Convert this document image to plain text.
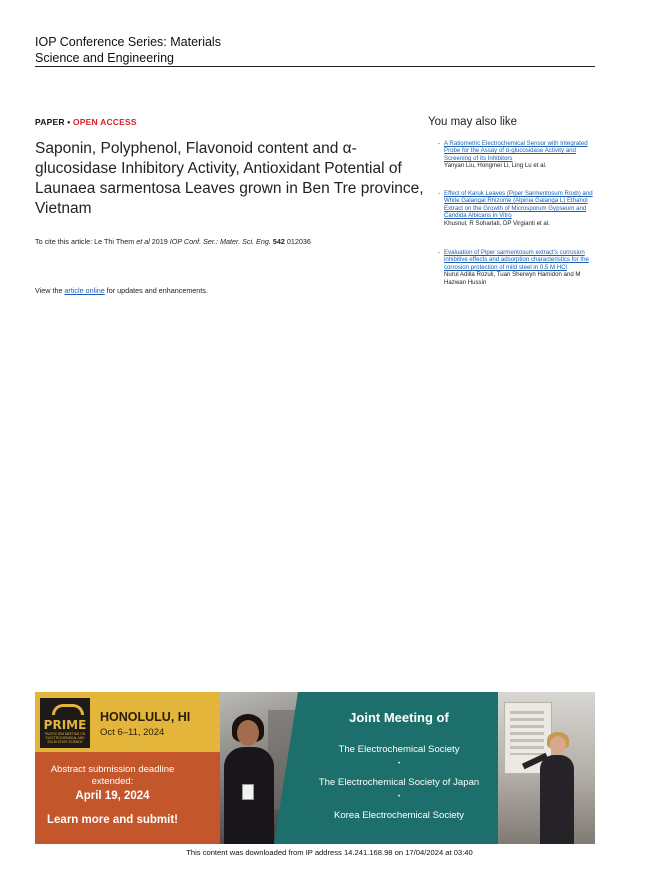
IOP Conference Series: Materials
Science and Engineering
PAPER • OPEN ACCESS
Saponin, Polyphenol, Flavonoid content and α-glucosidase Inhibitory Activity, Antioxidant Potential of Launaea sarmentosa Leaves grown in Ben Tre province, Vietnam
To cite this article: Le Thi Them et al 2019 IOP Conf. Ser.: Mater. Sci. Eng. 542 012036
View the article online for updates and enhancements.
You may also like
- A Ratiometric Electrochemical Sensor with Integrated Probe for the Assay of α-glucosidase Activity and Screening of its Inhibitors
Yanyan Liu, Hongmei Li, Ling Lu et al.
- Effect of Karuk Leaves (Piper Sarmentosum Roxb) and White Galangal Rhizome (Alpinia Galanga L) Ethanol Extract on the Growth of Microsporum Gypseum and Candida Albicans in Vitro
Khusnul, R Soharlati, DP Virgianti et al.
- Evaluation of Piper sarmentosum extract's corrosion inhibitive effects and adsorption characteristics for the corrosion protection of mild steel in 0.5 M HCl
Nurul Adilla Rozuli, Tuan Sherwyn Hamidon and M Hazwan Hussin
PRIME
PACIFIC RIM MEETING ON ELECTROCHEMICAL AND SOLID STATE SCIENCE
HONOLULU, HI
Oct 6–11, 2024
Abstract submission deadline extended:
April 19, 2024
Learn more and submit!
Joint Meeting of
The Electrochemical Society
•
The Electrochemical Society of Japan
•
Korea Electrochemical Society
This content was downloaded from IP address 14.241.168.98 on 17/04/2024 at 03:40
